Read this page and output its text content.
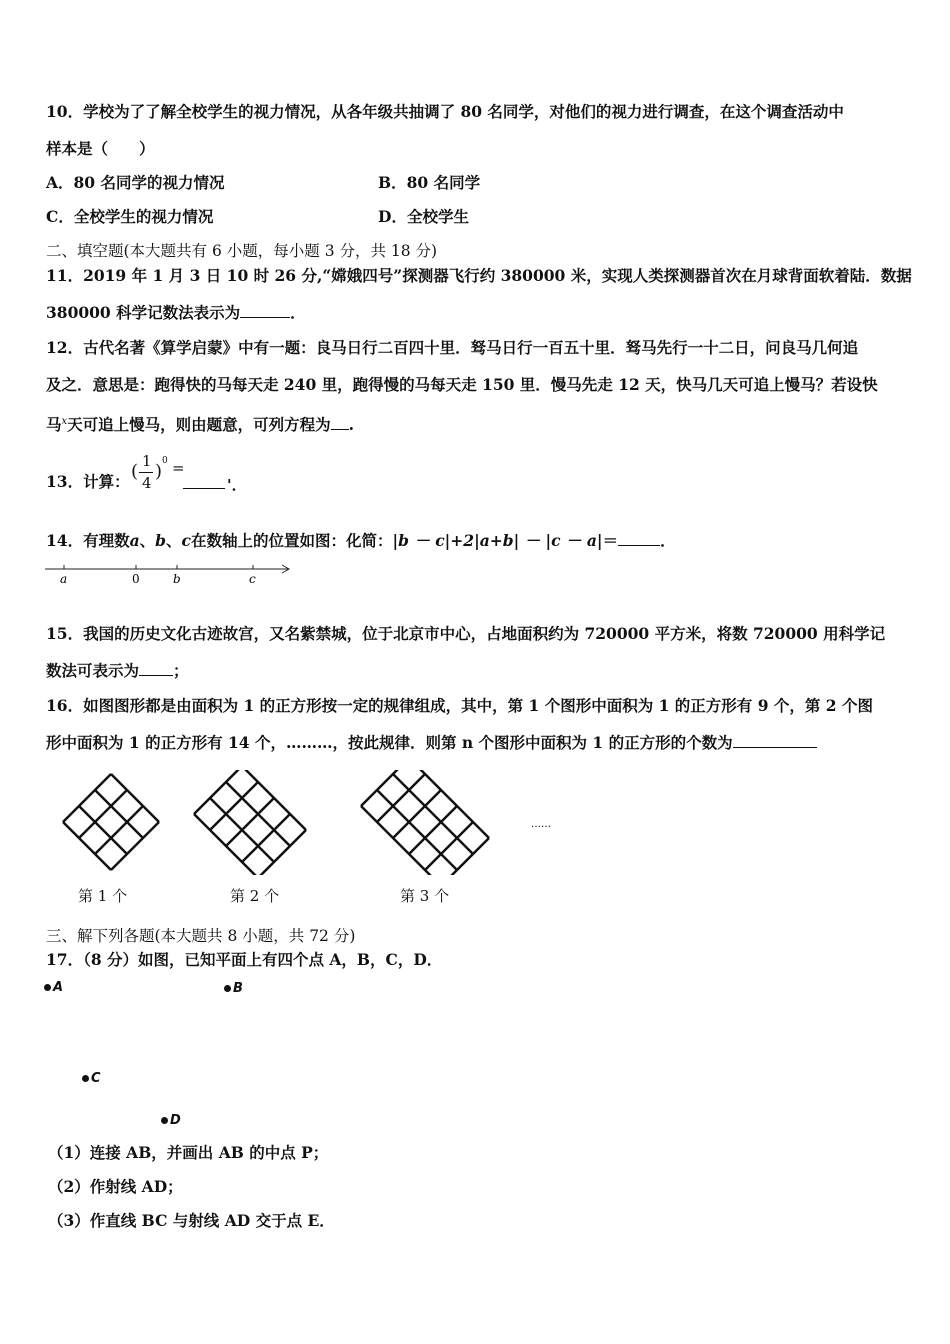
10．学校为了了解全校学生的视力情况，从各年级共抽调了 80 名同学，对他们的视力进行调查，在这个调查活动中
样本是（　　）
A．80 名同学的视力情况	B．80 名同学
C．全校学生的视力情况	D．全校学生
二、填空题(本大题共有 6 小题，每小题 3 分，共 18 分)
11．2019 年 1 月 3 日 10 时 26 分,“嫦娥四号”探测器飞行约 380000 米，实现人类探测器首次在月球背面软着陆．数据
380000 科学记数法表示为	．
12．古代名著《算学启蒙》中有一题：良马日行二百四十里．驽马日行一百五十里．驽马先行一十二日，问良马几何追
及之．意思是：跑得快的马每天走 240 里，跑得慢的马每天走 150 里．慢马先走 12 天，快马几天可追上慢马？若设快
马$^x$天可追上慢马，则由题意，可列方程为 .
13．计算： ( 1
4
) 0 =
'．
14．有理数a、b、c在数轴上的位置如图：化简：|b － c|+2|a+b| － |c － a|＝	．
a	0	b	c
15．我国的历史文化古迹故宫，又名紫禁城，位于北京市中心，占地面积约为 720000 平方米，将数 720000 用科学记
数法可表示为 ；
16．如图图形都是由面积为 1 的正方形按一定的规律组成，其中，第 1 个图形中面积为 1 的正方形有 9 个，第 2 个图
形中面积为 1 的正方形有 14 个，………，按此规律．则第 n 个图形中面积为 1 的正方形的个数为
……
第 1 个	第 2 个	第 3 个
三、解下列各题(本大题共 8 小题，共 72 分)
17．（8 分）如图，已知平面上有四个点 A，B，C，D．
A	B
C
D
（1）连接 AB，并画出 AB 的中点 P；
（2）作射线 AD；
（3）作直线 BC 与射线 AD 交于点 E．
